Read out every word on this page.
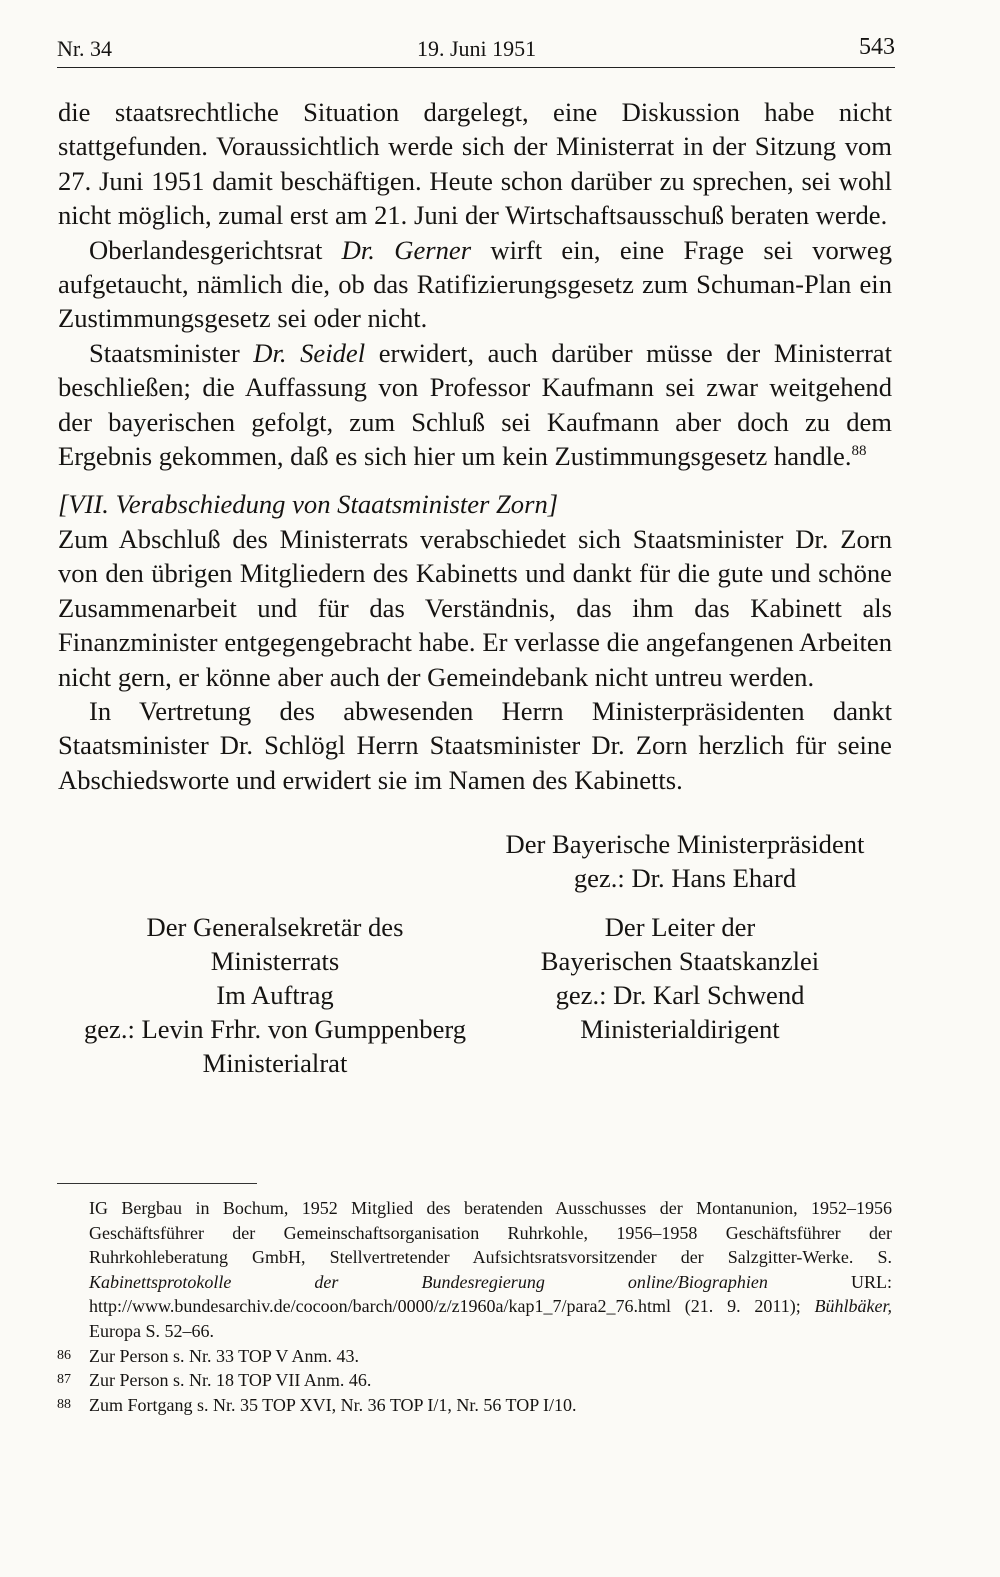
Nr. 34	19. Juni 1951	543

die staatsrechtliche Situation dargelegt, eine Diskussion habe nicht stattgefunden. Voraussichtlich werde sich der Ministerrat in der Sitzung vom 27. Juni 1951 damit beschäftigen. Heute schon darüber zu sprechen, sei wohl nicht möglich, zumal erst am 21. Juni der Wirtschaftsausschuß beraten werde.

Oberlandesgerichtsrat Dr. Gerner wirft ein, eine Frage sei vorweg aufgetaucht, nämlich die, ob das Ratifizierungsgesetz zum Schuman-Plan ein Zustimmungsgesetz sei oder nicht.

Staatsminister Dr. Seidel erwidert, auch darüber müsse der Ministerrat beschließen; die Auffassung von Professor Kaufmann sei zwar weitgehend der bayerischen gefolgt, zum Schluß sei Kaufmann aber doch zu dem Ergebnis gekommen, daß es sich hier um kein Zustimmungsgesetz handle.$^{88}$

[VII. Verabschiedung von Staatsminister Zorn]

Zum Abschluß des Ministerrats verabschiedet sich Staatsminister Dr. Zorn von den übrigen Mitgliedern des Kabinetts und dankt für die gute und schöne Zusammenarbeit und für das Verständnis, das ihm das Kabinett als Finanzminister entgegengebracht habe. Er verlasse die angefangenen Arbeiten nicht gern, er könne aber auch der Gemeindebank nicht untreu werden.

In Vertretung des abwesenden Herrn Ministerpräsidenten dankt Staatsminister Dr. Schlögl Herrn Staatsminister Dr. Zorn herzlich für seine Abschiedsworte und erwidert sie im Namen des Kabinetts.

Der Bayerische Ministerpräsident
gez.: Dr. Hans Ehard
Der Generalsekretär des
Ministerrats
Im Auftrag
gez.: Levin Frhr. von Gumppenberg
Ministerialrat
Der Leiter der
Bayerischen Staatskanzlei
gez.: Dr. Karl Schwend
Ministerialdirigent
IG Bergbau in Bochum, 1952 Mitglied des beratenden Ausschusses der Montanunion, 1952–1956 Geschäftsführer der Gemeinschaftsorganisation Ruhrkohle, 1956–1958 Geschäftsführer der Ruhrkohleberatung GmbH, Stellvertretender Aufsichtsratsvorsitzender der Salzgitter-Werke. S. Kabinettsprotokolle der Bundesregierung online/Biographien URL: http://www.bundesarchiv.de/cocoon/barch/0000/z/z1960a/kap1_7/para2_76.html (21. 9. 2011); Bühlbäker, Europa S. 52–66.
86	Zur Person s. Nr. 33 TOP V Anm. 43.
87	Zur Person s. Nr. 18 TOP VII Anm. 46.
88	Zum Fortgang s. Nr. 35 TOP XVI, Nr. 36 TOP I/1, Nr. 56 TOP I/10.
